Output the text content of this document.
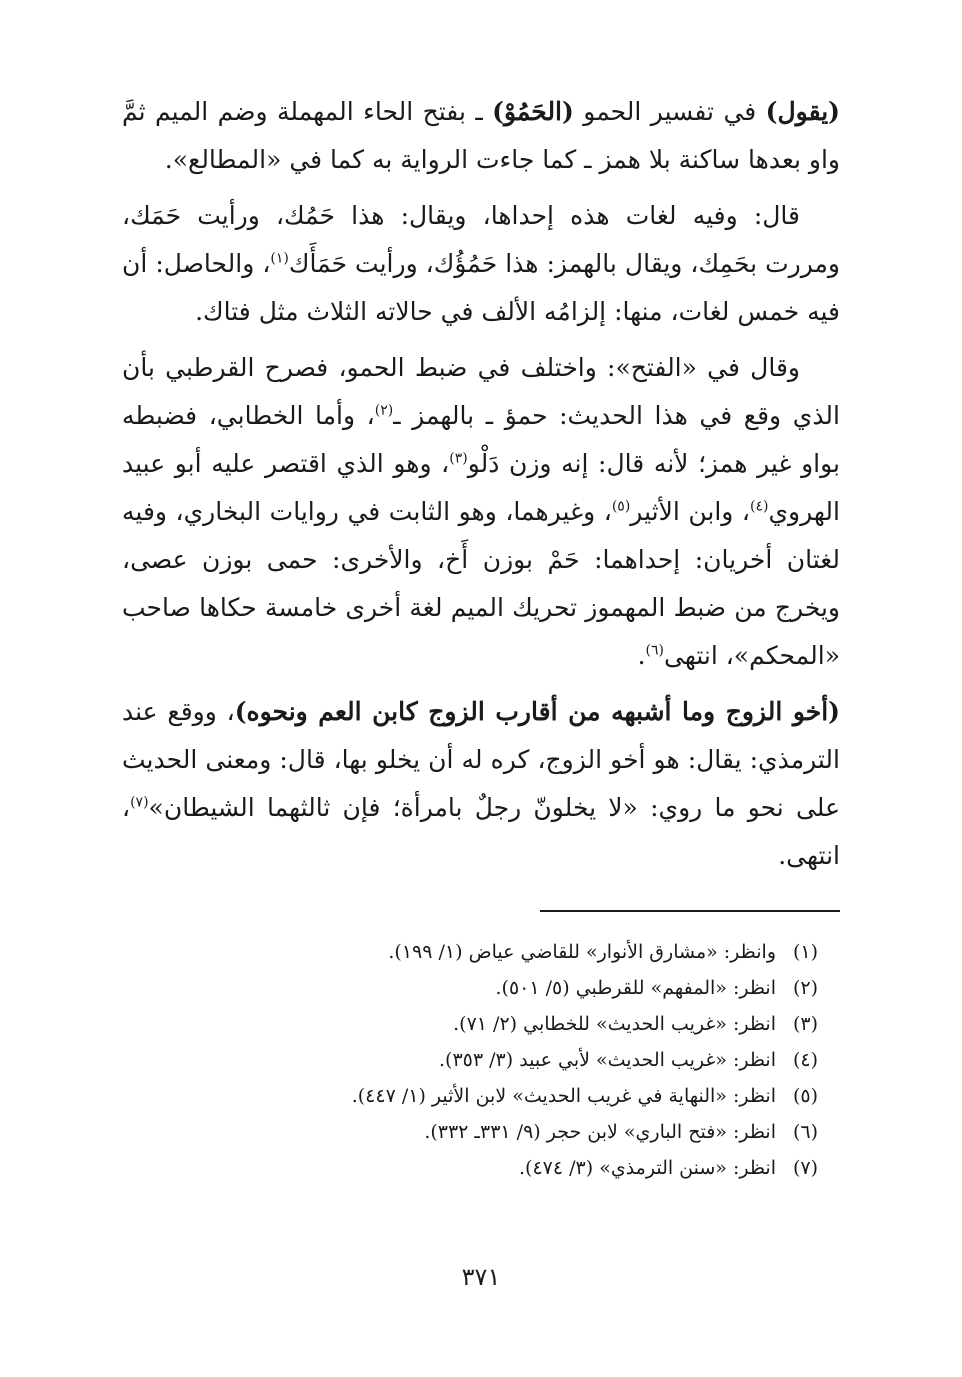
(يقول) في تفسير الحمو (الحَمُوْ) ـ بفتح الحاء المهملة وضم الميم ثمَّ واو بعدها ساكنة بلا همز ـ كما جاءت الرواية به كما في «المطالع».

قال: وفيه لغات هذه إحداها، ويقال: هذا حَمُك، ورأيت حَمَك، ومررت بحَمِك، ويقال بالهمز: هذا حَمُؤُك، ورأيت حَمَأَك$^{(١)}$، والحاصل: أن فيه خمس لغات، منها: إلزامُه الألف في حالاته الثلاث مثل فتاك.

وقال في «الفتح»: واختلف في ضبط الحمو، فصرح القرطبي بأن الذي وقع في هذا الحديث: حمؤ ـ بالهمز ـ$^{(٢)}$، وأما الخطابي، فضبطه بواو غير همز؛ لأنه قال: إنه وزن دَلْو$^{(٣)}$، وهو الذي اقتصر عليه أبو عبيد الهروي$^{(٤)}$، وابن الأثير$^{(٥)}$، وغيرهما، وهو الثابت في روايات البخاري، وفيه لغتان أخريان: إحداهما: حَمْ بوزن أَخ، والأخرى: حمى بوزن عصى، ويخرج من ضبط المهموز تحريك الميم لغة أخرى خامسة حكاها صاحب «المحكم»، انتهى$^{(٦)}$.

(أخو الزوج وما أشبهه من أقارب الزوج كابن العم ونحوه)، ووقع عند الترمذي: يقال: هو أخو الزوج، كره له أن يخلو بها، قال: ومعنى الحديث على نحو ما روي: «لا يخلونّ رجلٌ بامرأة؛ فإن ثالثهما الشيطان»$^{(٧)}$، انتهى.

(١)وانظر: «مشارق الأنوار» للقاضي عياض (١/ ١٩٩).
(٢)انظر: «المفهم» للقرطبي (٥/ ٥٠١).
(٣)انظر: «غريب الحديث» للخطابي (٢/ ٧١).
(٤)انظر: «غريب الحديث» لأبي عبيد (٣/ ٣٥٣).
(٥)انظر: «النهاية في غريب الحديث» لابن الأثير (١/ ٤٤٧).
(٦)انظر: «فتح الباري» لابن حجر (٩/ ٣٣١ـ ٣٣٢).
(٧)انظر: «سنن الترمذي» (٣/ ٤٧٤).
٣٧١
